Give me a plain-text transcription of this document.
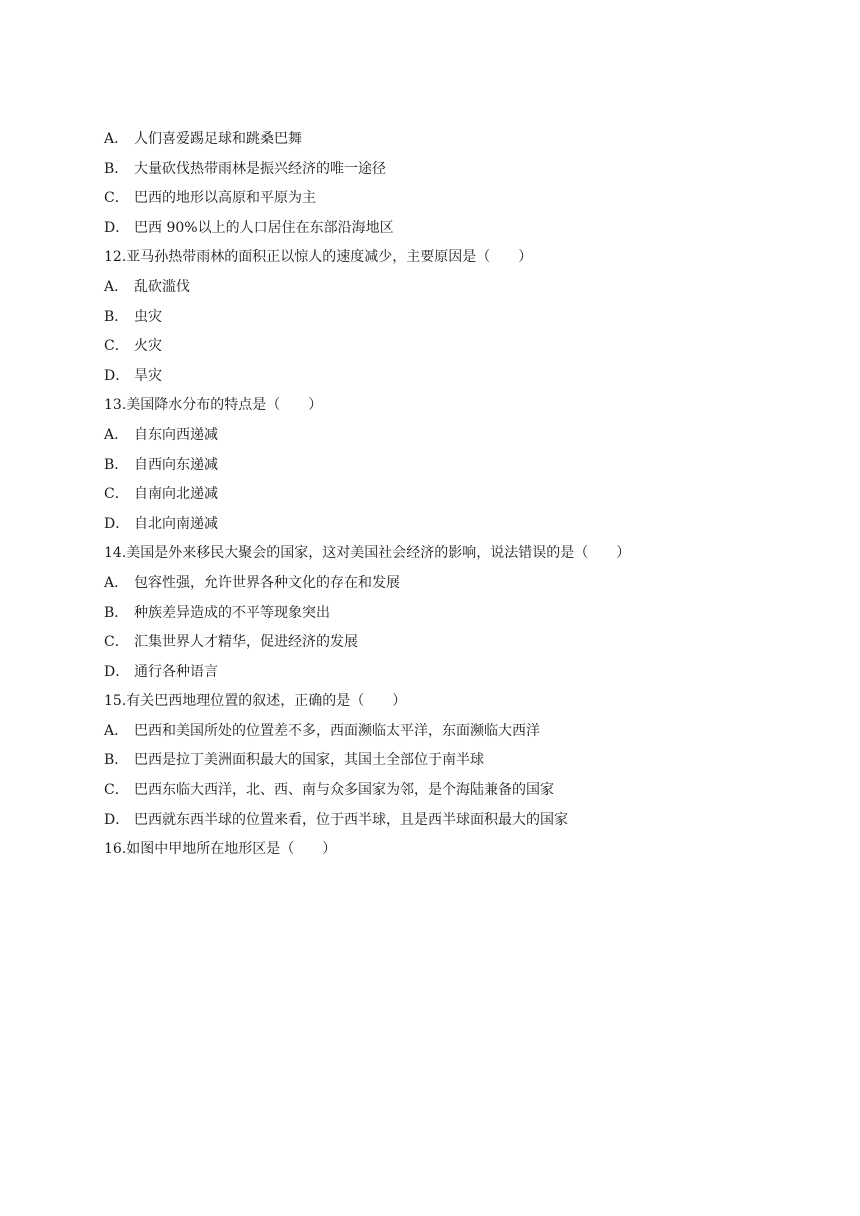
A． 人们喜爱踢足球和跳桑巴舞
B． 大量砍伐热带雨林是振兴经济的唯一途径
C． 巴西的地形以高原和平原为主
D． 巴西 90%以上的人口居住在东部沿海地区
12.亚马孙热带雨林的面积正以惊人的速度减少，主要原因是（　　）
A． 乱砍滥伐
B． 虫灾
C． 火灾
D． 旱灾
13.美国降水分布的特点是（　　）
A． 自东向西递减
B． 自西向东递减
C． 自南向北递减
D． 自北向南递减
14.美国是外来移民大聚会的国家，这对美国社会经济的影响，说法错误的是（　　）
A． 包容性强，允许世界各种文化的存在和发展
B． 种族差异造成的不平等现象突出
C． 汇集世界人才精华，促进经济的发展
D． 通行各种语言
15.有关巴西地理位置的叙述，正确的是（　　）
A． 巴西和美国所处的位置差不多，西面濒临太平洋，东面濒临大西洋
B． 巴西是拉丁美洲面积最大的国家，其国土全部位于南半球
C． 巴西东临大西洋，北、西、南与众多国家为邻，是个海陆兼备的国家
D． 巴西就东西半球的位置来看，位于西半球，且是西半球面积最大的国家
16.如图中甲地所在地形区是（　　）
